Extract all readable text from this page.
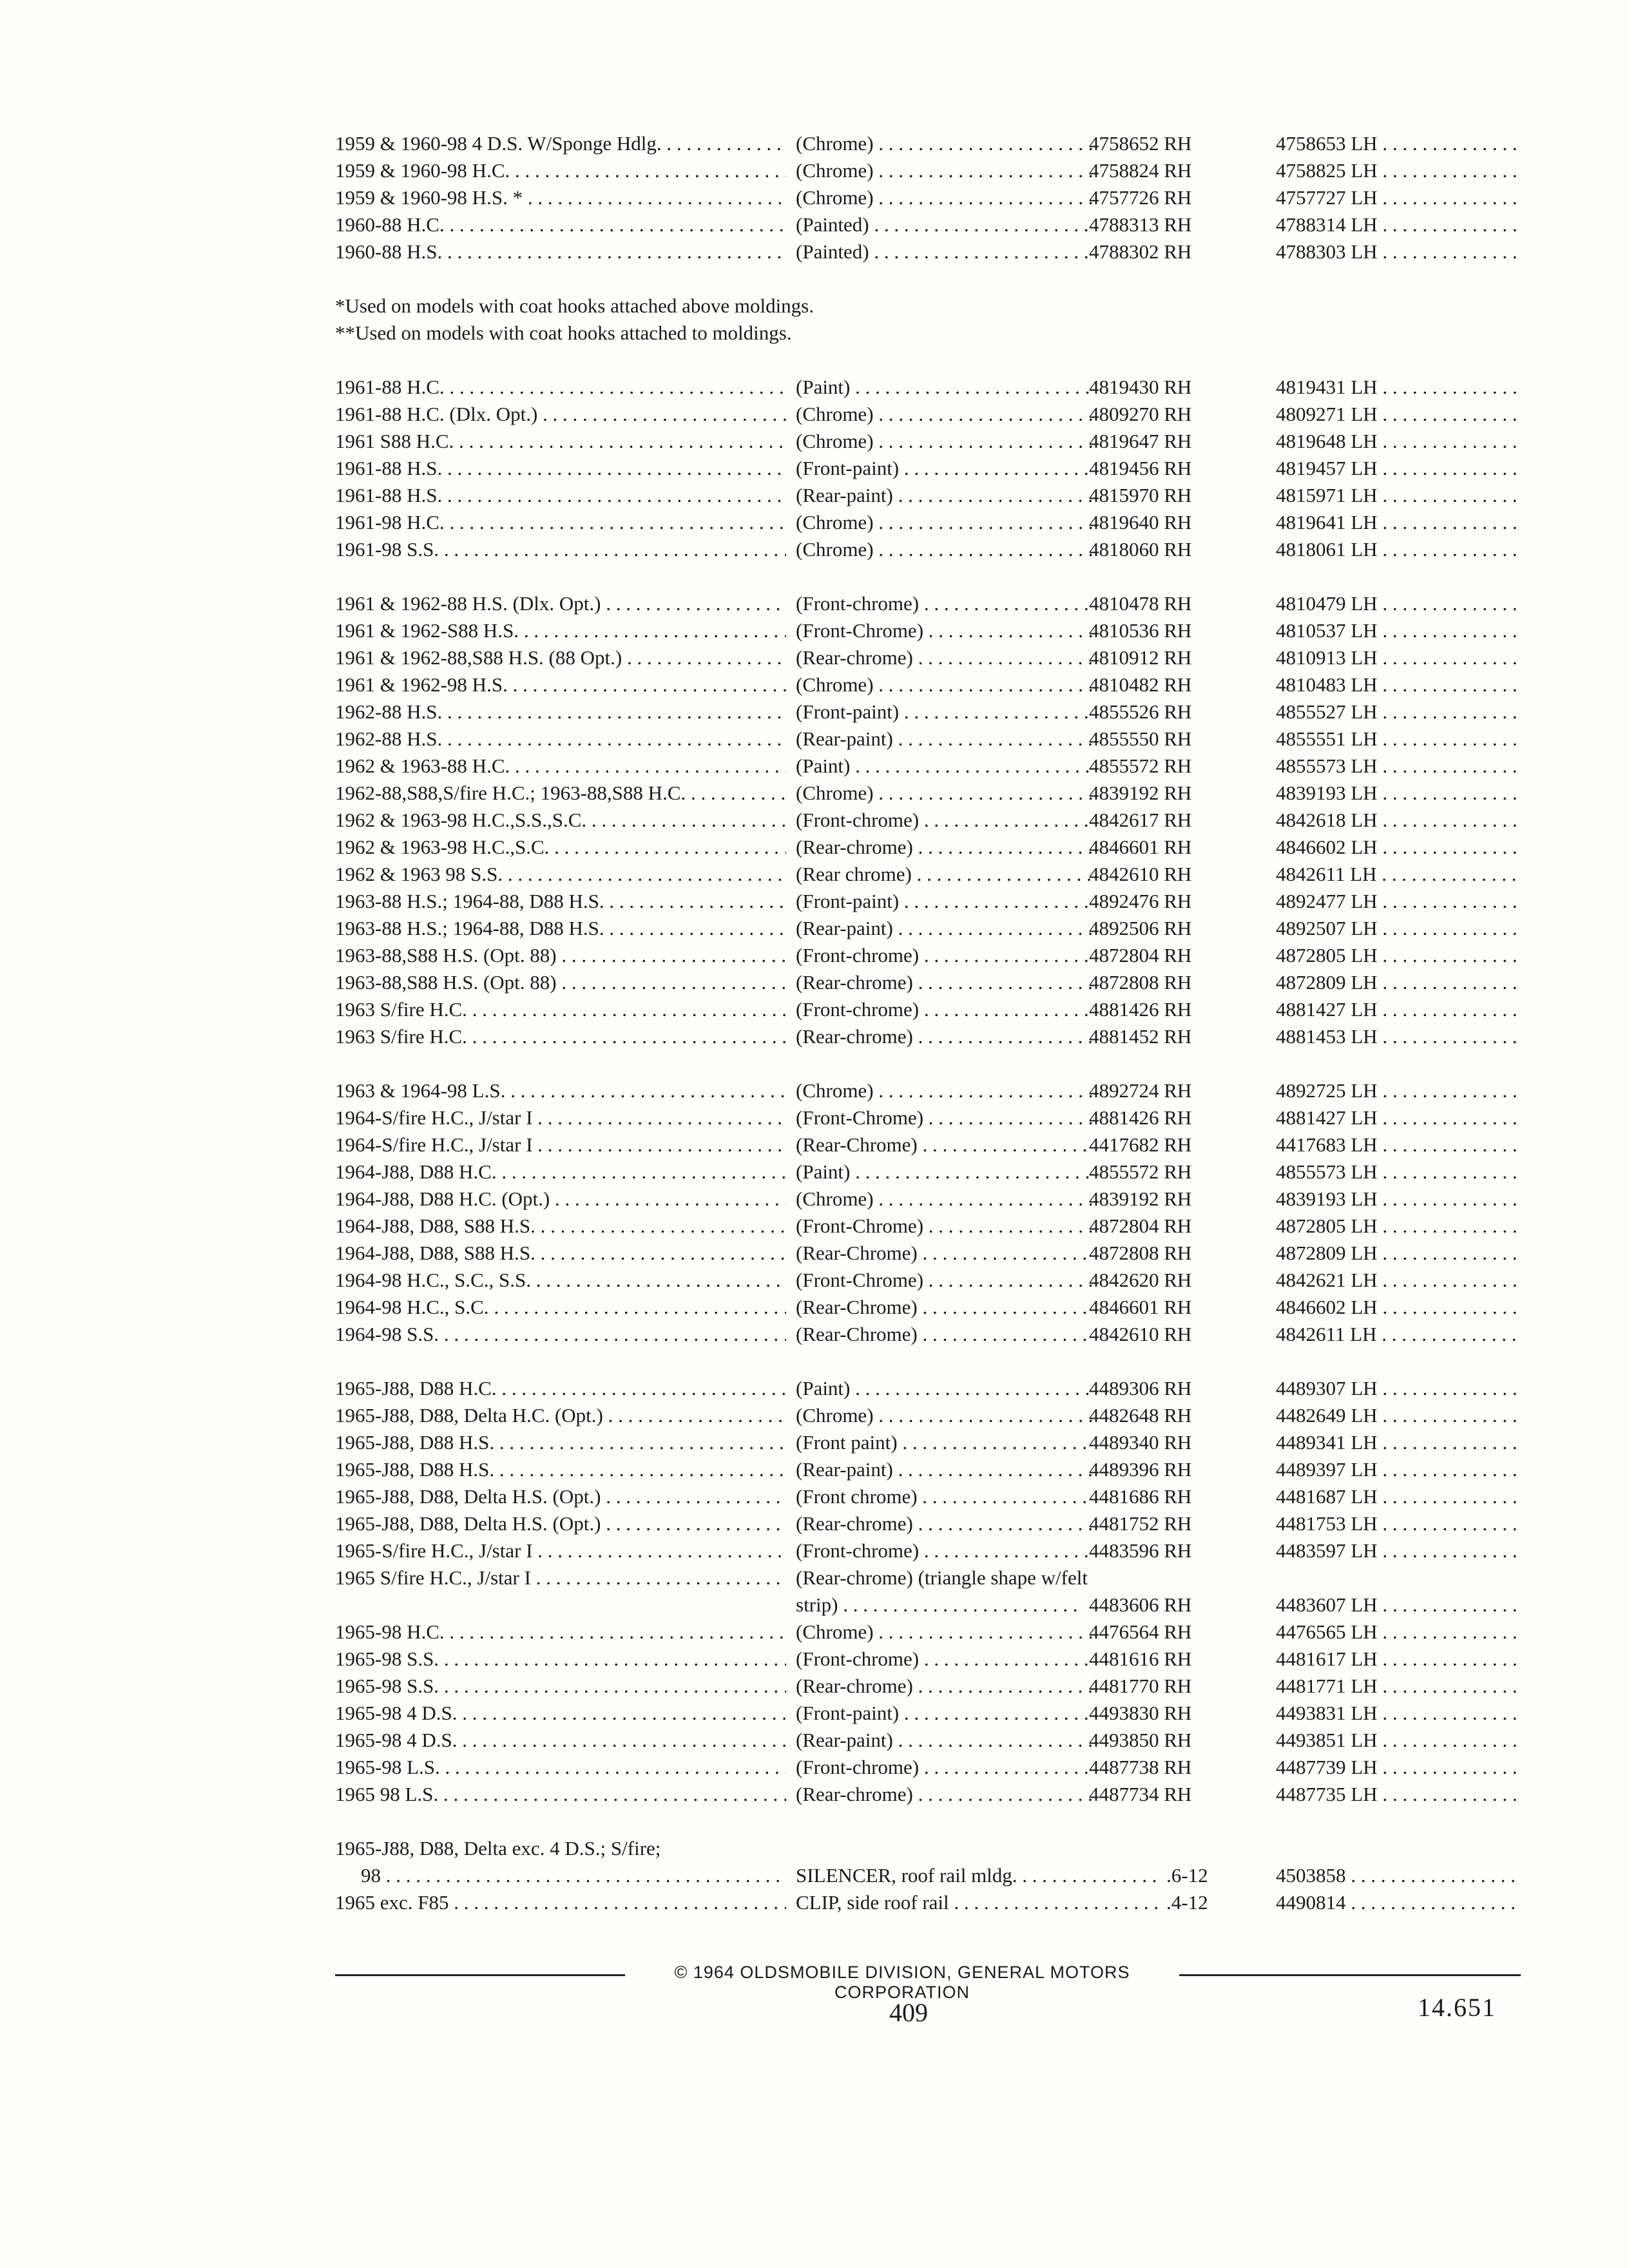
1959 & 1960-98 4 D.S. W/Sponge Hdlg. . . .	(Chrome) . . .	4758652 RH	4758653 LH . . .
1959 & 1960-98 H.C. . . .	(Chrome) . . .	4758824 RH	4758825 LH . . .
1959 & 1960-98 H.S. * . . .	(Chrome) . . .	4757726 RH	4757727 LH . . .
1960-88 H.C. . . .	(Painted) . . .	4788313 RH	4788314 LH . . .
1960-88 H.S. . . .	(Painted) . . .	4788302 RH	4788303 LH . . .
*Used on models with coat hooks attached above moldings.
**Used on models with coat hooks attached to moldings.
1961-88 H.C. . . .	(Paint) . . .	4819430 RH	4819431 LH . . .
1961-88 H.C. (Dlx. Opt.) . . .	(Chrome) . . .	4809270 RH	4809271 LH . . .
1961 S88 H.C. . . .	(Chrome) . . .	4819647 RH	4819648 LH . . .
1961-88 H.S. . . .	(Front-paint) . . .	4819456 RH	4819457 LH . . .
1961-88 H.S. . . .	(Rear-paint) . . .	4815970 RH	4815971 LH . . .
1961-98 H.C. . . .	(Chrome) . . .	4819640 RH	4819641 LH . . .
1961-98 S.S. . . .	(Chrome) . . .	4818060 RH	4818061 LH . . .
1961 & 1962-88 H.S. (Dlx. Opt.) . . .	(Front-chrome) . . .	4810478 RH	4810479 LH . . .
1961 & 1962-S88 H.S. . . .	(Front-Chrome) . . .	4810536 RH	4810537 LH . . .
1961 & 1962-88,S88 H.S. (88 Opt.) . . .	(Rear-chrome) . . .	4810912 RH	4810913 LH . . .
1961 & 1962-98 H.S. . . .	(Chrome) . . .	4810482 RH	4810483 LH . . .
1962-88 H.S. . . .	(Front-paint) . . .	4855526 RH	4855527 LH . . .
1962-88 H.S. . . .	(Rear-paint) . . .	4855550 RH	4855551 LH . . .
1962 & 1963-88 H.C. . . .	(Paint) . . .	4855572 RH	4855573 LH . . .
1962-88,S88,S/fire H.C.; 1963-88,S88 H.C. . . .	(Chrome) . . .	4839192 RH	4839193 LH . . .
1962 & 1963-98 H.C.,S.S.,S.C. . . .	(Front-chrome) . . .	4842617 RH	4842618 LH . . .
1962 & 1963-98 H.C.,S.C. . . .	(Rear-chrome) . . .	4846601 RH	4846602 LH . . .
1962 & 1963 98 S.S. . . .	(Rear chrome) . . .	4842610 RH	4842611 LH . . .
1963-88 H.S.; 1964-88, D88 H.S. . . .	(Front-paint) . . .	4892476 RH	4892477 LH . . .
1963-88 H.S.; 1964-88, D88 H.S. . . .	(Rear-paint) . . .	4892506 RH	4892507 LH . . .
1963-88,S88 H.S. (Opt. 88) . . .	(Front-chrome) . . .	4872804 RH	4872805 LH . . .
1963-88,S88 H.S. (Opt. 88) . . .	(Rear-chrome) . . .	4872808 RH	4872809 LH . . .
1963 S/fire H.C. . . .	(Front-chrome) . . .	4881426 RH	4881427 LH . . .
1963 S/fire H.C. . . .	(Rear-chrome) . . .	4881452 RH	4881453 LH . . .
1963 & 1964-98 L.S. . . .	(Chrome) . . .	4892724 RH	4892725 LH . . .
1964-S/fire H.C., J/star I . . .	(Front-Chrome) . . .	4881426 RH	4881427 LH . . .
1964-S/fire H.C., J/star I . . .	(Rear-Chrome) . . .	4417682 RH	4417683 LH . . .
1964-J88, D88 H.C. . . .	(Paint) . . .	4855572 RH	4855573 LH . . .
1964-J88, D88 H.C. (Opt.) . . .	(Chrome) . . .	4839192 RH	4839193 LH . . .
1964-J88, D88, S88 H.S. . . .	(Front-Chrome) . . .	4872804 RH	4872805 LH . . .
1964-J88, D88, S88 H.S. . . .	(Rear-Chrome) . . .	4872808 RH	4872809 LH . . .
1964-98 H.C., S.C., S.S. . . .	(Front-Chrome) . . .	4842620 RH	4842621 LH . . .
1964-98 H.C., S.C. . . .	(Rear-Chrome) . . .	4846601 RH	4846602 LH . . .
1964-98 S.S. . . .	(Rear-Chrome) . . .	4842610 RH	4842611 LH . . .
1965-J88, D88 H.C. . . .	(Paint) . . .	4489306 RH	4489307 LH . . .
1965-J88, D88, Delta H.C. (Opt.) . . .	(Chrome) . . .	4482648 RH	4482649 LH . . .
1965-J88, D88 H.S. . . .	(Front paint) . . .	4489340 RH	4489341 LH . . .
1965-J88, D88 H.S. . . .	(Rear-paint) . . .	4489396 RH	4489397 LH . . .
1965-J88, D88, Delta H.S. (Opt.) . . .	(Front chrome) . . .	4481686 RH	4481687 LH . . .
1965-J88, D88, Delta H.S. (Opt.) . . .	(Rear-chrome) . . .	4481752 RH	4481753 LH . . .
1965-S/fire H.C., J/star I . . .	(Front-chrome) . . .	4483596 RH	4483597 LH . . .
1965 S/fire H.C., J/star I . . .	(Rear-chrome) (triangle shape w/felt
strip) . . .	4483606 RH	4483607 LH . . .
1965-98 H.C. . . .	(Chrome) . . .	4476564 RH	4476565 LH . . .
1965-98 S.S. . . .	(Front-chrome) . . .	4481616 RH	4481617 LH . . .
1965-98 S.S. . . .	(Rear-chrome) . . .	4481770 RH	4481771 LH . . .
1965-98 4 D.S. . . .	(Front-paint) . . .	4493830 RH	4493831 LH . . .
1965-98 4 D.S. . . .	(Rear-paint) . . .	4493850 RH	4493851 LH . . .
1965-98 L.S. . . .	(Front-chrome) . . .	4487738 RH	4487739 LH . . .
1965 98 L.S. . . .	(Rear-chrome) . . .	4487734 RH	4487735 LH . . .
1965-J88, D88, Delta exc. 4 D.S.; S/fire;
98 . . .	SILENCER, roof rail mldg. . . .	.6-12	4503858 . . .
1965 exc. F85 . . .	CLIP, side roof rail . . .	.4-12	4490814 . . .
© 1964 OLDSMOBILE DIVISION, GENERAL MOTORS CORPORATION
409	14.651
